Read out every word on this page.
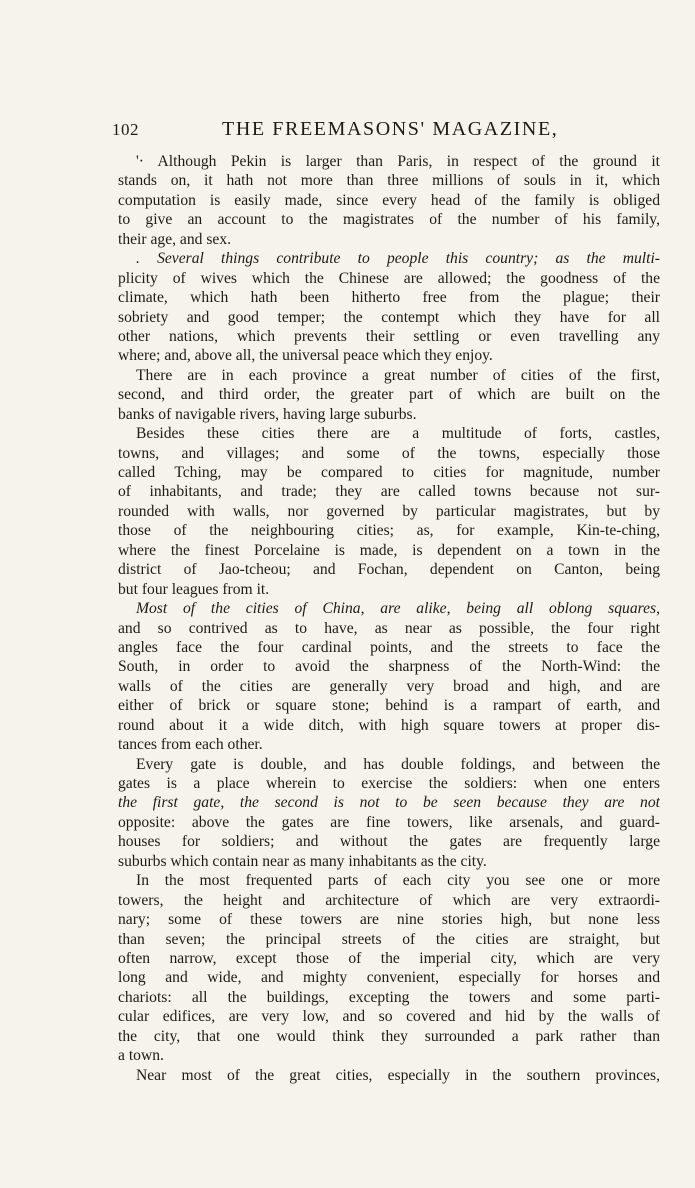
102	THE FREEMASONS' MAGAZINE,

'· Although Pekin is larger than Paris, in respect of the ground it
stands on, it hath not more than three millions of souls in it, which
computation is easily made, since every head of the family is obliged
to give an account to the magistrates of the number of his family,
their age, and sex.

. Several things contribute to people this country; as the multi-
plicity of wives which the Chinese are allowed; the goodness of the
climate, which hath been hitherto free from the plague; their
sobriety and good temper; the contempt which they have for all
other nations, which prevents their settling or even travelling any
where; and, above all, the universal peace which they enjoy.

There are in each province a great number of cities of the first,
second, and third order, the greater part of which are built on the
banks of navigable rivers, having large suburbs.

Besides these cities there are a multitude of forts, castles,
towns, and villages; and some of the towns, especially those
called Tching, may be compared to cities for magnitude, number
of inhabitants, and trade; they are called towns because not sur-
rounded with walls, nor governed by particular magistrates, but by
those of the neighbouring cities; as, for example, Kin-te-ching,
where the finest Porcelaine is made, is dependent on a town in the
district of Jao-tcheou; and Fochan, dependent on Canton, being
but four leagues from it.

Most of the cities of China, are alike, being all oblong squares,
and so contrived as to have, as near as possible, the four right
angles face the four cardinal points, and the streets to face the
South, in order to avoid the sharpness of the North-Wind: the
walls of the cities are generally very broad and high, and are
either of brick or square stone; behind is a rampart of earth, and
round about it a wide ditch, with high square towers at proper dis-
tances from each other.

Every gate is double, and has double foldings, and between the
gates is a place wherein to exercise the soldiers: when one enters
the first gate, the second is not to be seen because they are not
opposite: above the gates are fine towers, like arsenals, and guard-
houses for soldiers; and without the gates are frequently large
suburbs which contain near as many inhabitants as the city.

In the most frequented parts of each city you see one or more
towers, the height and architecture of which are very extraordi-
nary; some of these towers are nine stories high, but none less
than seven; the principal streets of the cities are straight, but
often narrow, except those of the imperial city, which are very
long and wide, and mighty convenient, especially for horses and
chariots: all the buildings, excepting the towers and some parti-
cular edifices, are very low, and so covered and hid by the walls of
the city, that one would think they surrounded a park rather than
a town.

Near most of the great cities, especially in the southern provinces,
